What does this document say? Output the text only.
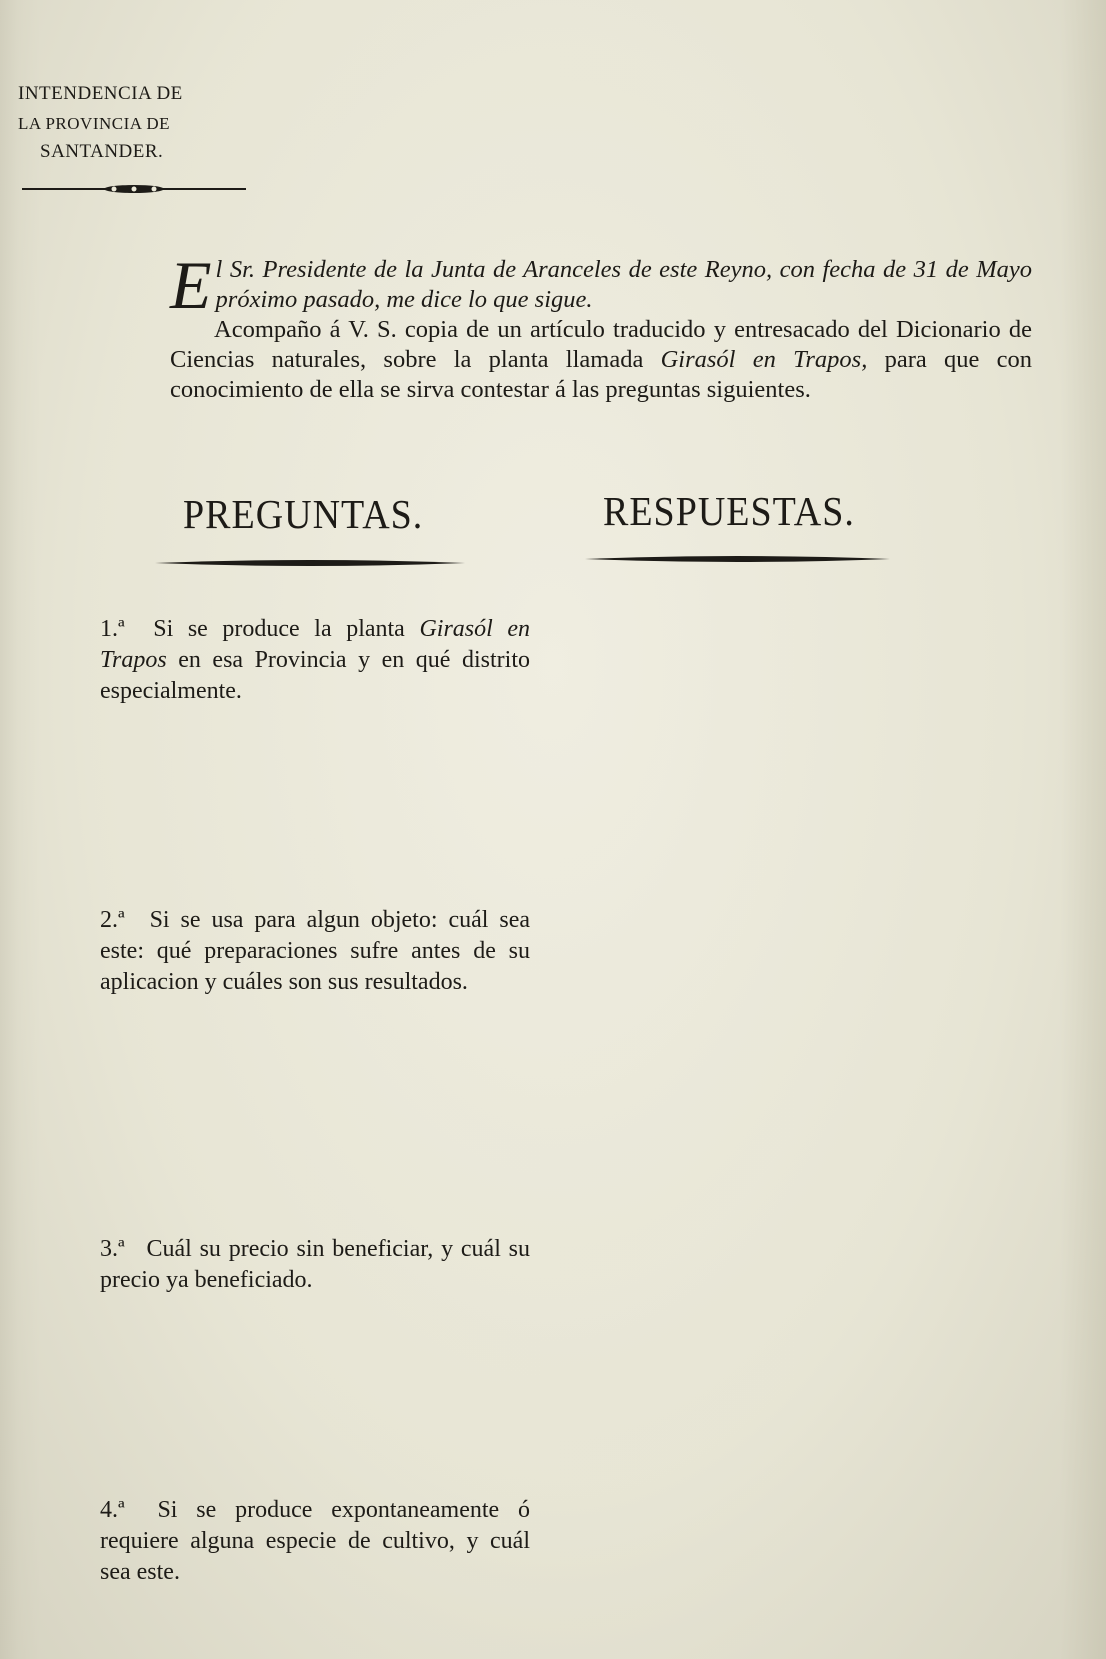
INTENDENCIA DE
LA PROVINCIA DE
SANTANDER.

El Sr. Presidente de la Junta de Aranceles de este Reyno, con fecha de 31 de Mayo próximo pasado, me dice lo que sigue.

Acompaño á V. S. copia de un artículo traducido y entresacado del Dicionario de Ciencias naturales, sobre la planta llamada Girasól en Trapos, para que con conocimiento de ella se sirva contestar á las preguntas siguientes.

PREGUNTAS.	RESPUESTAS.
1.ª Si se produce la planta Girasól en Trapos en esa Provincia y en qué distrito especialmente.
2.ª Si se usa para algun objeto: cuál sea este: qué preparaciones sufre antes de su aplicacion y cuáles son sus resultados.
3.ª Cuál su precio sin beneficiar, y cuál su precio ya beneficiado.
4.ª Si se produce expontaneamente ó requiere alguna especie de cultivo, y cuál sea este.
